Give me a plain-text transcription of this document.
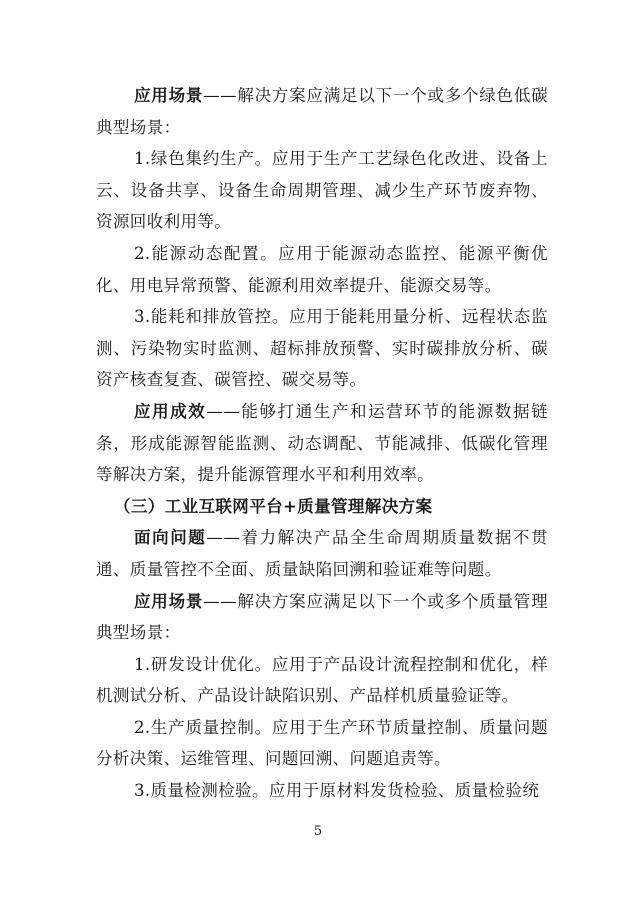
应用场景——解决方案应满足以下一个或多个绿色低碳典型场景：

1.绿色集约生产。应用于生产工艺绿色化改进、设备上云、设备共享、设备生命周期管理、减少生产环节废弃物、资源回收利用等。

2.能源动态配置。应用于能源动态监控、能源平衡优化、用电异常预警、能源利用效率提升、能源交易等。

3.能耗和排放管控。应用于能耗用量分析、远程状态监测、污染物实时监测、超标排放预警、实时碳排放分析、碳资产核查复查、碳管控、碳交易等。

应用成效——能够打通生产和运营环节的能源数据链条，形成能源智能监测、动态调配、节能减排、低碳化管理等解决方案，提升能源管理水平和利用效率。

（三）工业互联网平台+质量管理解决方案

面向问题——着力解决产品全生命周期质量数据不贯通、质量管控不全面、质量缺陷回溯和验证难等问题。

应用场景——解决方案应满足以下一个或多个质量管理典型场景：

1.研发设计优化。应用于产品设计流程控制和优化，样机测试分析、产品设计缺陷识别、产品样机质量验证等。

2.生产质量控制。应用于生产环节质量控制、质量问题分析决策、运维管理、问题回溯、问题追责等。

3.质量检测检验。应用于原材料发货检验、质量检验统

5
